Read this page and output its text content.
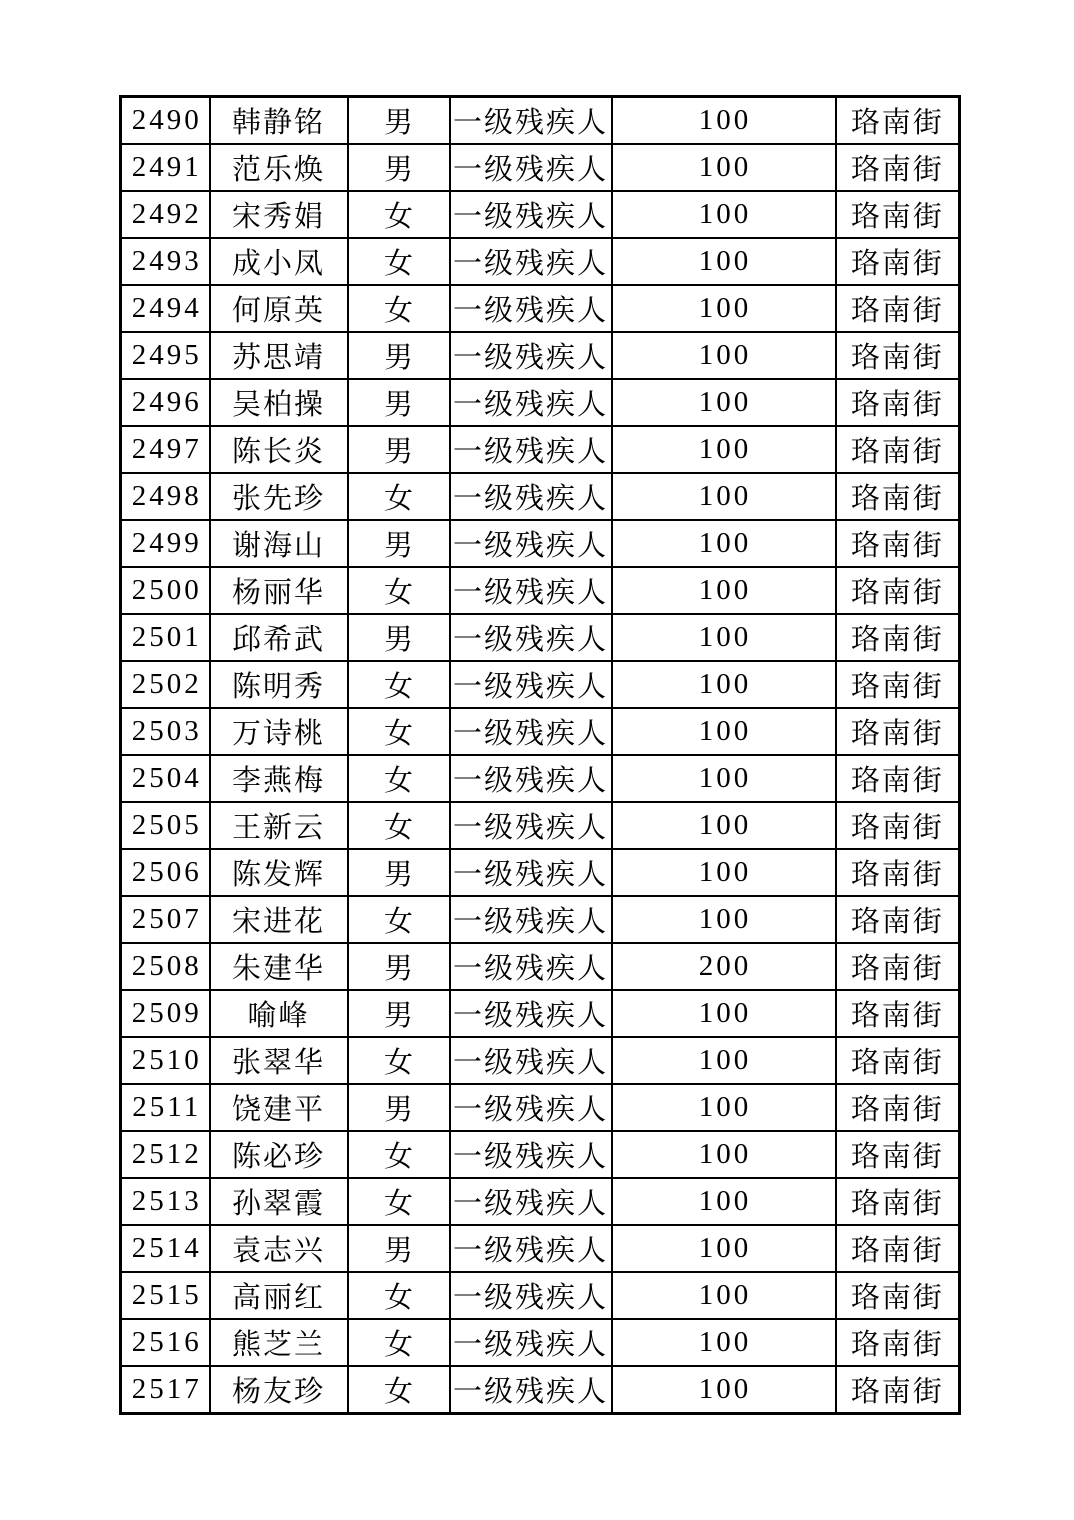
2490	韩静铭	男	一级残疾人	100	珞南街
2491	范乐焕	男	一级残疾人	100	珞南街
2492	宋秀娟	女	一级残疾人	100	珞南街
2493	成小凤	女	一级残疾人	100	珞南街
2494	何原英	女	一级残疾人	100	珞南街
2495	苏思靖	男	一级残疾人	100	珞南街
2496	吴柏操	男	一级残疾人	100	珞南街
2497	陈长炎	男	一级残疾人	100	珞南街
2498	张先珍	女	一级残疾人	100	珞南街
2499	谢海山	男	一级残疾人	100	珞南街
2500	杨丽华	女	一级残疾人	100	珞南街
2501	邱希武	男	一级残疾人	100	珞南街
2502	陈明秀	女	一级残疾人	100	珞南街
2503	万诗桃	女	一级残疾人	100	珞南街
2504	李燕梅	女	一级残疾人	100	珞南街
2505	王新云	女	一级残疾人	100	珞南街
2506	陈发辉	男	一级残疾人	100	珞南街
2507	宋进花	女	一级残疾人	100	珞南街
2508	朱建华	男	一级残疾人	200	珞南街
2509	喻峰	男	一级残疾人	100	珞南街
2510	张翠华	女	一级残疾人	100	珞南街
2511	饶建平	男	一级残疾人	100	珞南街
2512	陈必珍	女	一级残疾人	100	珞南街
2513	孙翠霞	女	一级残疾人	100	珞南街
2514	袁志兴	男	一级残疾人	100	珞南街
2515	高丽红	女	一级残疾人	100	珞南街
2516	熊芝兰	女	一级残疾人	100	珞南街
2517	杨友珍	女	一级残疾人	100	珞南街
